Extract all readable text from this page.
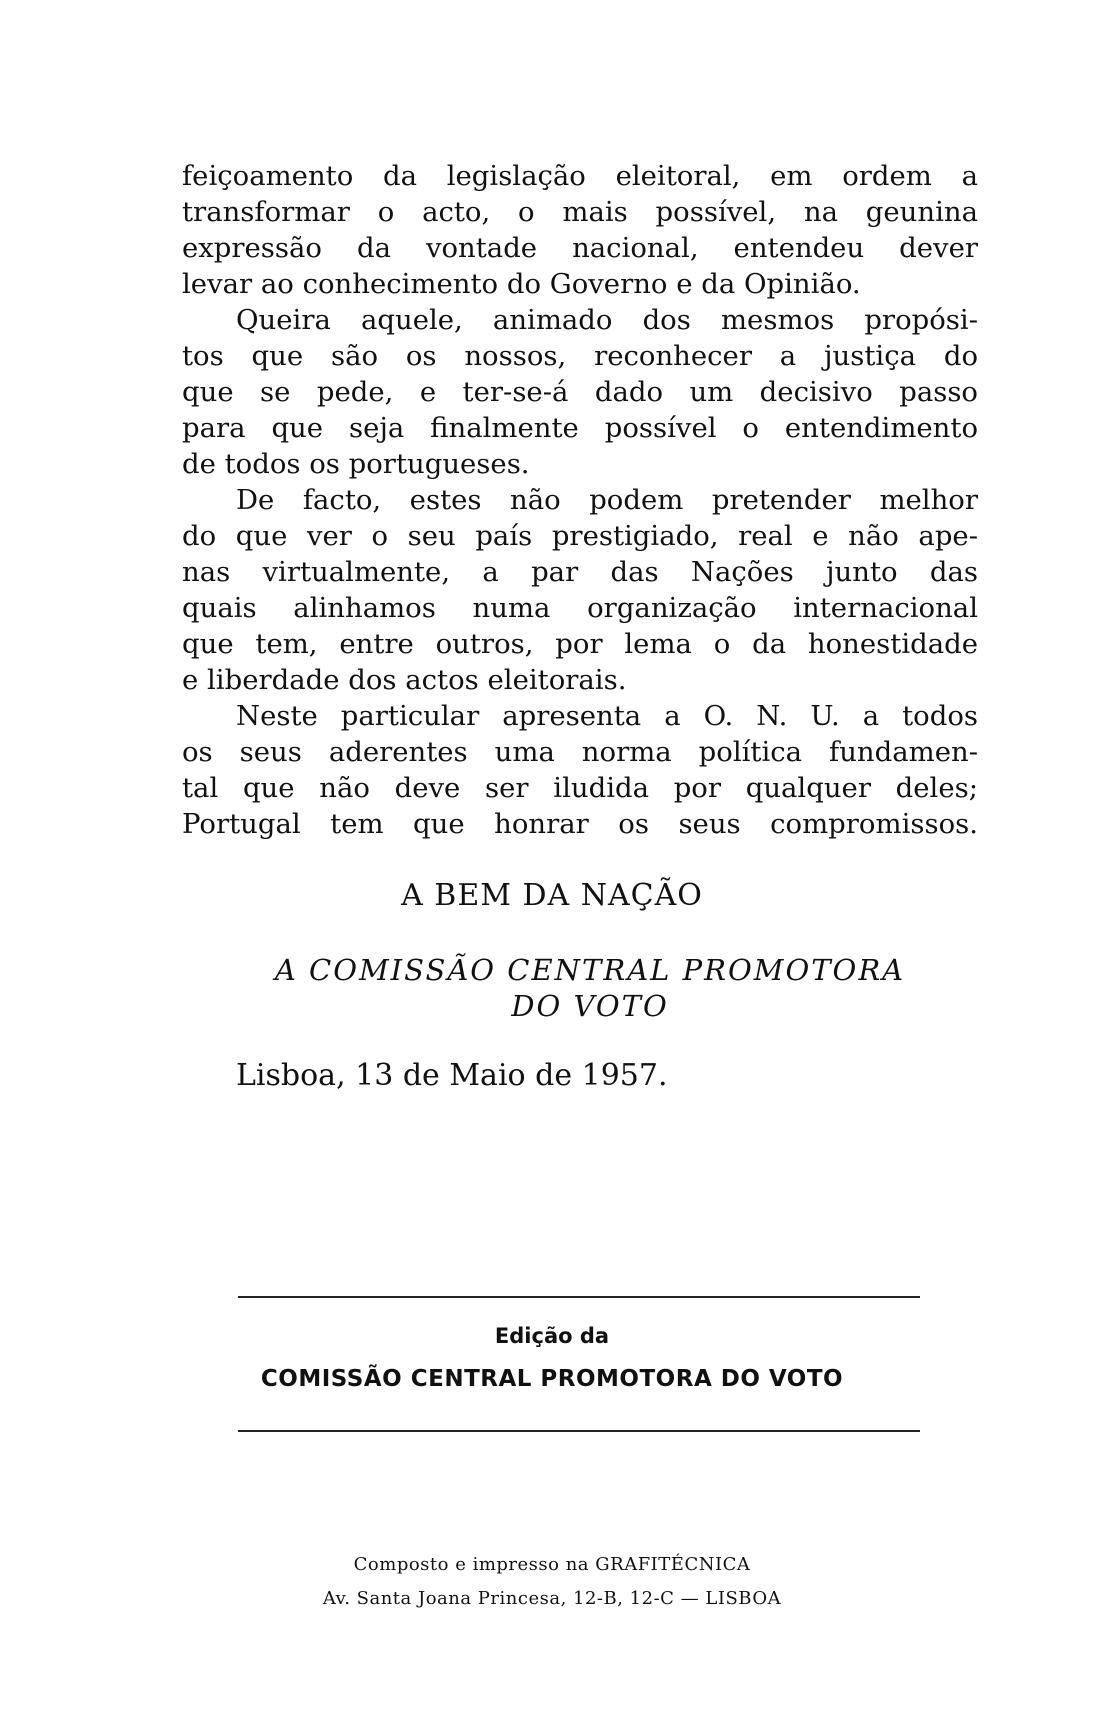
feiçoamento da legislação eleitoral, em ordem a
transformar o acto, o mais possível, na geunina
expressão da vontade nacional, entendeu dever
levar ao conhecimento do Governo e da Opinião.
Queira aquele, animado dos mesmos propósi-
tos que são os nossos, reconhecer a justiça do
que se pede, e ter-se-á dado um decisivo passo
para que seja finalmente possível o entendimento
de todos os portugueses.
De facto, estes não podem pretender melhor
do que ver o seu país prestigiado, real e não ape-
nas virtualmente, a par das Nações junto das
quais alinhamos numa organização internacional
que tem, entre outros, por lema o da honestidade
e liberdade dos actos eleitorais.
Neste particular apresenta a O. N. U. a todos
os seus aderentes uma norma política fundamen-
tal que não deve ser iludida por qualquer deles;
Portugal tem que honrar os seus compromissos.
A BEM DA NAÇÃO
A COMISSÃO CENTRAL PROMOTORA
DO VOTO
Lisboa, 13 de Maio de 1957.
Edição da
COMISSÃO CENTRAL PROMOTORA DO VOTO
Composto e impresso na GRAFITÉCNICA
Av. Santa Joana Princesa, 12-B, 12-C — LISBOA
